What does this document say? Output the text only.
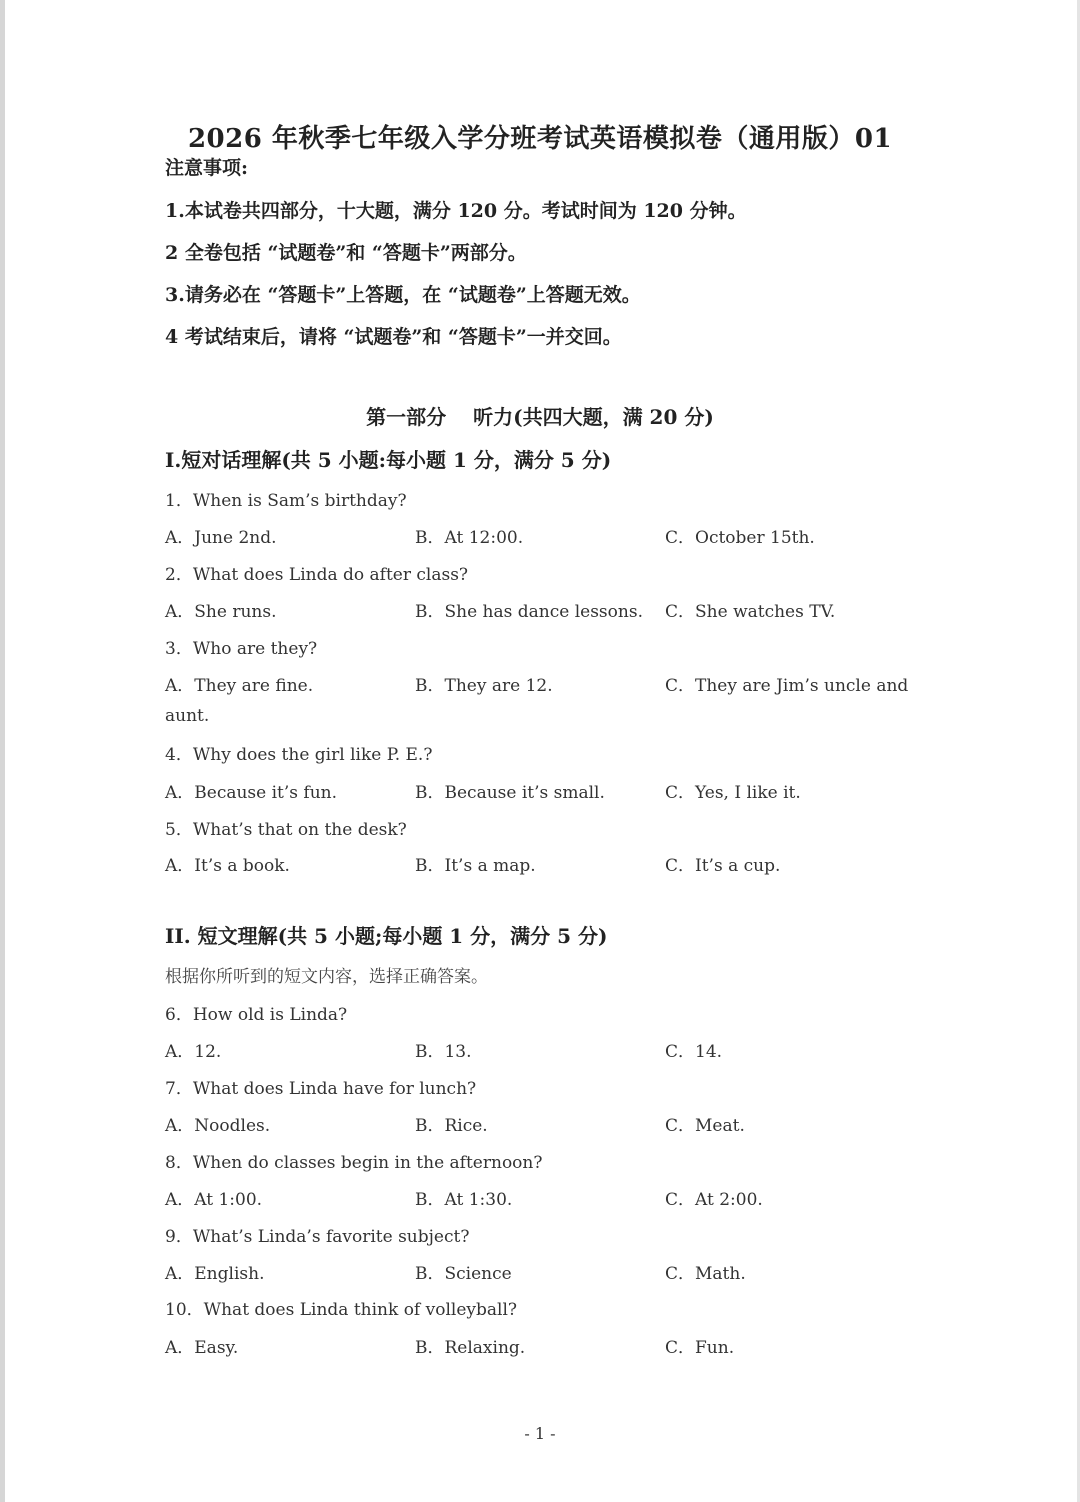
2026 年秋季七年级入学分班考试英语模拟卷（通用版）01
注意事项:
1.本试卷共四部分，十大题，满分 120 分。考试时间为 120 分钟。
2 全卷包括 “试题卷”和 “答题卡”两部分。
3.请务必在 “答题卡”上答题，在 “试题卷”上答题无效。
4 考试结束后，请将 “试题卷”和 “答题卡”一并交回。
第一部分　 听力(共四大题，满 20 分)
I.短对话理解(共 5 小题:每小题 1 分，满分 5 分)
1．When is Sam’s birthday?
A．June 2nd.	B．At 12:00.	C．October 15th.
2．What does Linda do after class?
A．She runs.	B．She has dance lessons. C．She watches TV.
3．Who are they?
A．They are fine.	B．They are 12.	C．They are Jim’s uncle and
aunt.
4．Why does the girl like P. E.?
A．Because it’s fun.	B．Because it’s small.	C．Yes, I like it.
5．What’s that on the desk?
A．It’s a book.	B．It’s a map.	C．It’s a cup.
II. 短文理解(共 5 小题;每小题 1 分，满分 5 分)
根据你所听到的短文内容，选择正确答案。
6．How old is Linda?
A．12.	B．13.	C．14.
7．What does Linda have for lunch?
A．Noodles.	B．Rice.	C．Meat.
8．When do classes begin in the afternoon?
A．At 1:00.	B．At 1:30.	C．At 2:00.
9．What’s Linda’s favorite subject?
A．English.	B．Science	C．Math.
10．What does Linda think of volleyball?
A．Easy.	B．Relaxing.	C．Fun.
- 1 -
